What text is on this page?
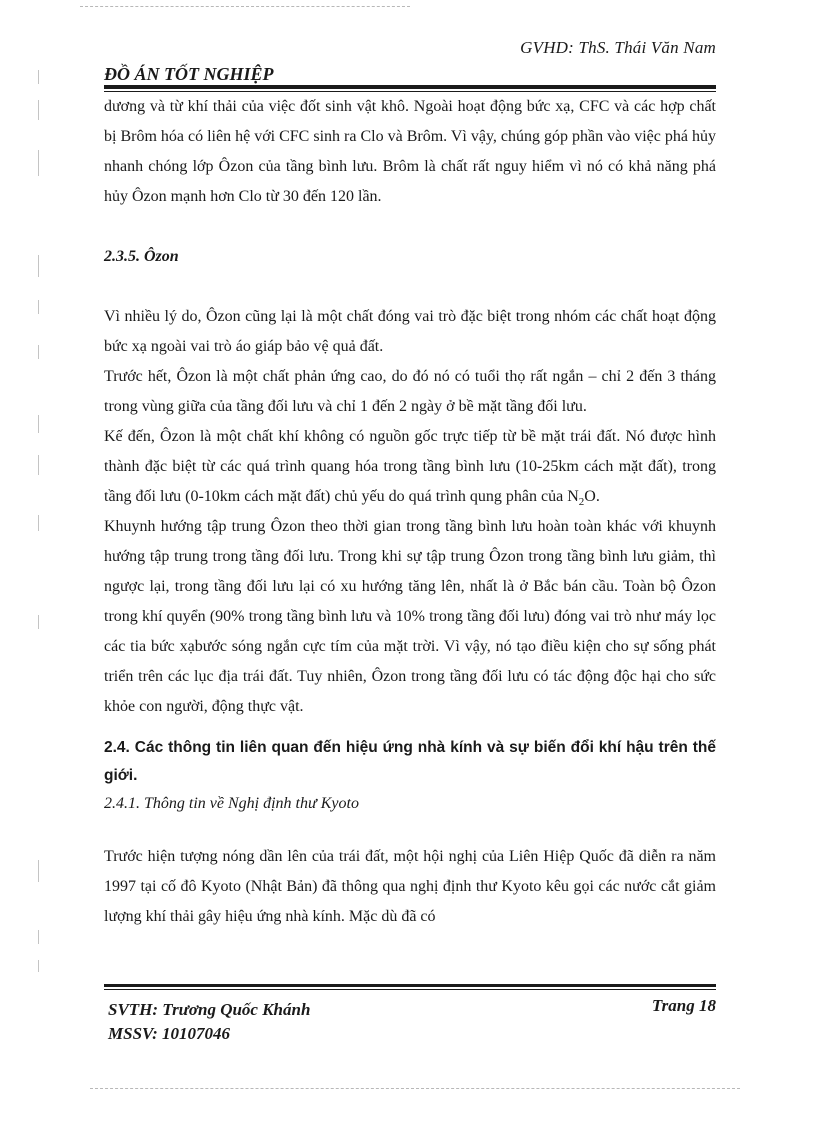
GVHD: ThS. Thái Văn Nam
ĐỒ ÁN TỐT NGHIỆP

dương và từ khí thải của việc đốt sinh vật khô. Ngoài hoạt động bức xạ, CFC và các hợp chất bị Brôm hóa có liên hệ với CFC sinh ra Clo và Brôm. Vì vậy, chúng góp phần vào việc phá hủy nhanh chóng lớp Ôzon của tầng bình lưu. Brôm là chất rất nguy hiểm vì nó có khả năng phá hủy Ôzon mạnh hơn Clo từ 30 đến 120 lần.

2.3.5. Ôzon

Vì nhiều lý do, Ôzon cũng lại là một chất đóng vai trò đặc biệt trong nhóm các chất hoạt động bức xạ ngoài vai trò áo giáp bảo vệ quả đất.

Trước hết, Ôzon là một chất phản ứng cao, do đó nó có tuổi thọ rất ngắn – chỉ 2 đến 3 tháng trong vùng giữa của tầng đối lưu và chỉ 1 đến 2 ngày ở bề mặt tầng đối lưu.

Kế đến, Ôzon là một chất khí không có nguồn gốc trực tiếp từ bề mặt trái đất. Nó được hình thành đặc biệt từ các quá trình quang hóa trong tầng bình lưu (10-25km cách mặt đất), trong tầng đối lưu (0-10km cách mặt đất) chủ yếu do quá trình qung phân của $N_2O$.

Khuynh hướng tập trung Ôzon theo thời gian trong tầng bình lưu hoàn toàn khác với khuynh hướng tập trung trong tầng đối lưu. Trong khi sự tập trung Ôzon trong tầng bình lưu giảm, thì ngược lại, trong tầng đối lưu lại có xu hướng tăng lên, nhất là ở Bắc bán cầu. Toàn bộ Ôzon trong khí quyển (90% trong tầng bình lưu và 10% trong tầng đối lưu) đóng vai trò như máy lọc các tia bức xạbước sóng ngắn cực tím của mặt trời. Vì vậy, nó tạo điều kiện cho sự sống phát triển trên các lục địa trái đất. Tuy nhiên, Ôzon trong tầng đối lưu có tác động độc hại cho sức khỏe con người, động thực vật.

2.4. Các thông tin liên quan đến hiệu ứng nhà kính và sự biến đổi khí hậu trên thế giới.

2.4.1. Thông tin về Nghị định thư Kyoto

Trước hiện tượng nóng dần lên của trái đất, một hội nghị của Liên Hiệp Quốc đã diễn ra năm 1997 tại cố đô Kyoto (Nhật Bản) đã thông qua nghị định thư Kyoto kêu gọi các nước cắt giảm lượng khí thải gây hiệu ứng nhà kính. Mặc dù đã có

SVTH: Trương Quốc Khánh
MSSV: 10107046
Trang 18
